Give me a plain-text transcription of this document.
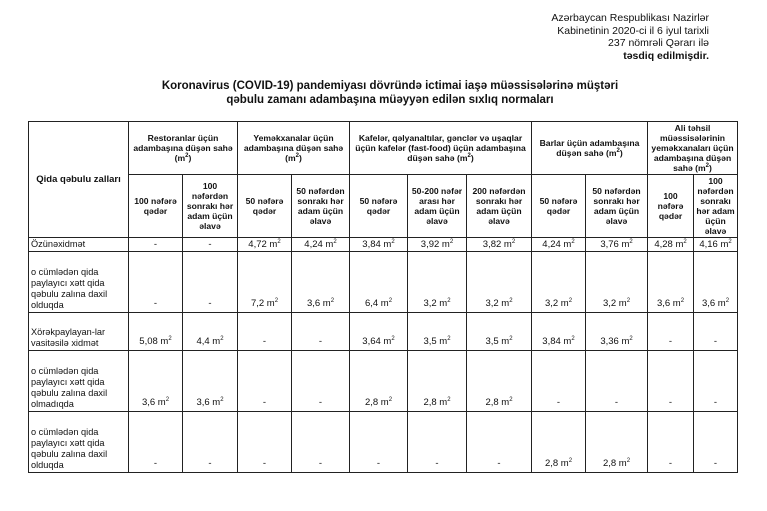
Azərbaycan Respublikası Nazirlər
Kabinetinin 2020-ci il 6 iyul tarixli
237 nömrəli Qərarı ilə
təsdiq edilmişdir.
Koronavirus (COVID-19) pandemiyası dövründə ictimai iaşə müəssisələrinə müştəri
qəbulu zamanı adambaşına müəyyən edilən sıxlıq normaları
Qida qəbulu zalları	Restoranlar üçün adambaşına düşən sahə $(m^2)$		Yeməkxanalar üçün adambaşına düşən sahə $(m^2)$		Kafelər, qəlyanaltılar, gənclər və uşaqlar üçün kafelər (fast-food) üçün adambaşına düşən sahə $(m^2)$			Barlar üçün adambaşına düşən sahə $(m^2)$		Ali təhsil müəssisələrinin yeməkxanaları üçün adambaşına düşən sahə $(m^2)$	
	100 nəfərə qədər	100 nəfərdən sonrakı hər adam üçün əlavə	50 nəfərə qədər	50 nəfərdən sonrakı hər adam üçün əlavə	50 nəfərə qədər	50-200 nəfər arası hər adam üçün əlavə	200 nəfərdən sonrakı hər adam üçün əlavə	50 nəfərə qədər	50 nəfərdən sonrakı hər adam üçün əlavə	100 nəfərə qədər	100 nəfərdən sonrakı hər adam üçün əlavə
Özünəxidmət	-	-	4,72 $m^2$	4,24 $m^2$	3,84 $m^2$	3,92 $m^2$	3,82 $m^2$	4,24 $m^2$	3,76 $m^2$	4,28 $m^2$	4,16 $m^2$
o cümlədən qida paylayıcı xətt qida qəbulu zalına daxil olduqda	-	-	7,2 $m^2$	3,6 $m^2$	6,4 $m^2$	3,2 $m^2$	3,2 $m^2$	3,2 $m^2$	3,2 $m^2$	3,6 $m^2$	3,6 $m^2$
Xörəkpaylayan-lar vasitəsilə xidmət	5,08 $m^2$	4,4 $m^2$	-	-	3,64 $m^2$	3,5 $m^2$	3,5 $m^2$	3,84 $m^2$	3,36 $m^2$	-	-
o cümlədən qida paylayıcı xətt qida qəbulu zalına daxil olmadıqda	3,6 $m^2$	3,6 $m^2$	-	-	2,8 $m^2$	2,8 $m^2$	2,8 $m^2$	-	-	-	-
o cümlədən qida paylayıcı xətt qida qəbulu zalına daxil olduqda	-	-	-	-	-	-	-	2,8 $m^2$	2,8 $m^2$	-	-
